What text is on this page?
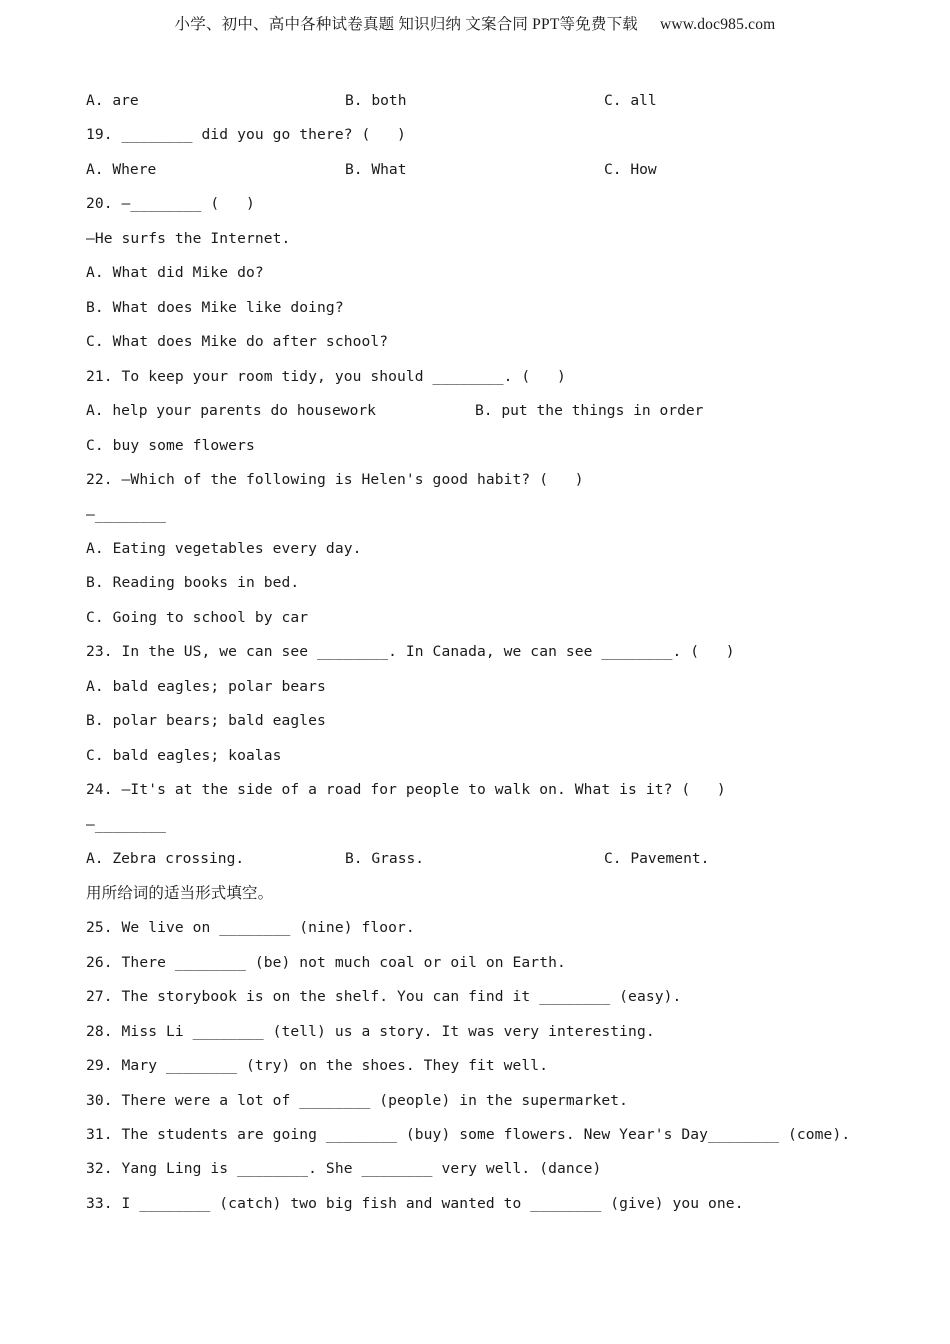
小学、初中、高中各种试卷真题 知识归纳 文案合同 PPT等免费下载 www.doc985.com
A. are	B. both	C. all
19. ________ did you go there? (   )
A. Where	B. What	C. How
20. —________ (   )
—He surfs the Internet.
A. What did Mike do?
B. What does Mike like doing?
C. What does Mike do after school?
21. To keep your room tidy, you should ________. (   )
A. help your parents do housework	B. put the things in order
C. buy some flowers
22. —Which of the following is Helen's good habit? (   )
—________
A. Eating vegetables every day.
B. Reading books in bed.
C. Going to school by car
23. In the US, we can see ________. In Canada, we can see ________. (   )
A. bald eagles; polar bears
B. polar bears; bald eagles
C. bald eagles; koalas
24. —It's at the side of a road for people to walk on. What is it? (   )
—________
A. Zebra crossing.	B. Grass.	C. Pavement.
用所给词的适当形式填空。
25. We live on ________ (nine) floor.
26. There ________ (be) not much coal or oil on Earth.
27. The storybook is on the shelf. You can find it ________ (easy).
28. Miss Li ________ (tell) us a story. It was very interesting.
29. Mary ________ (try) on the shoes. They fit well.
30. There were a lot of ________ (people) in the supermarket.
31. The students are going ________ (buy) some flowers. New Year's Day________ (come).
32. Yang Ling is ________. She ________ very well. (dance)
33. I ________ (catch) two big fish and wanted to ________ (give) you one.
